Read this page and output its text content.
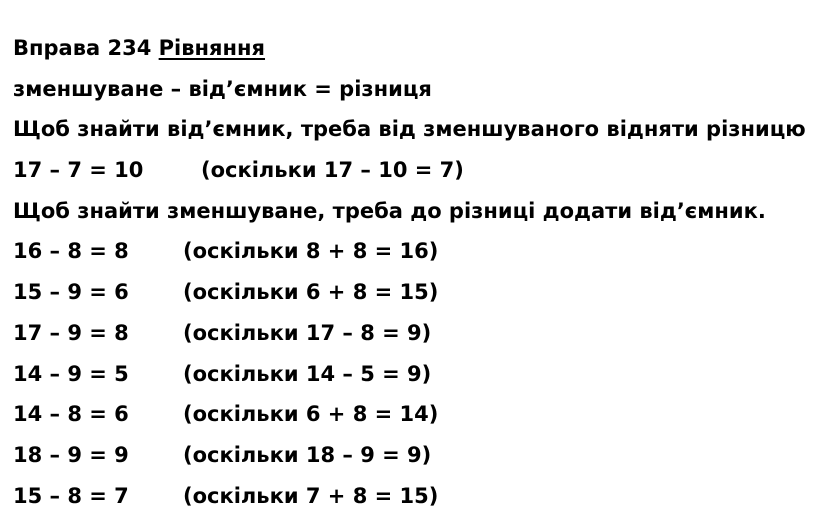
Вправа 234 Рівняння
зменшуване – від’ємник = різниця
Щоб знайти від’ємник, треба від зменшуваного відняти різницю
17 – 7 = 10	(оскільки 17 – 10 = 7)
Щоб знайти зменшуване, треба до різниці додати від’ємник.
16 – 8 = 8	(оскільки 8 + 8 = 16)
15 – 9 = 6	(оскільки 6 + 8 = 15)
17 – 9 = 8	(оскільки 17 – 8 = 9)
14 – 9 = 5	(оскільки 14 – 5 = 9)
14 – 8 = 6	(оскільки 6 + 8 = 14)
18 – 9 = 9	(оскільки 18 – 9 = 9)
15 – 8 = 7	(оскільки 7 + 8 = 15)
